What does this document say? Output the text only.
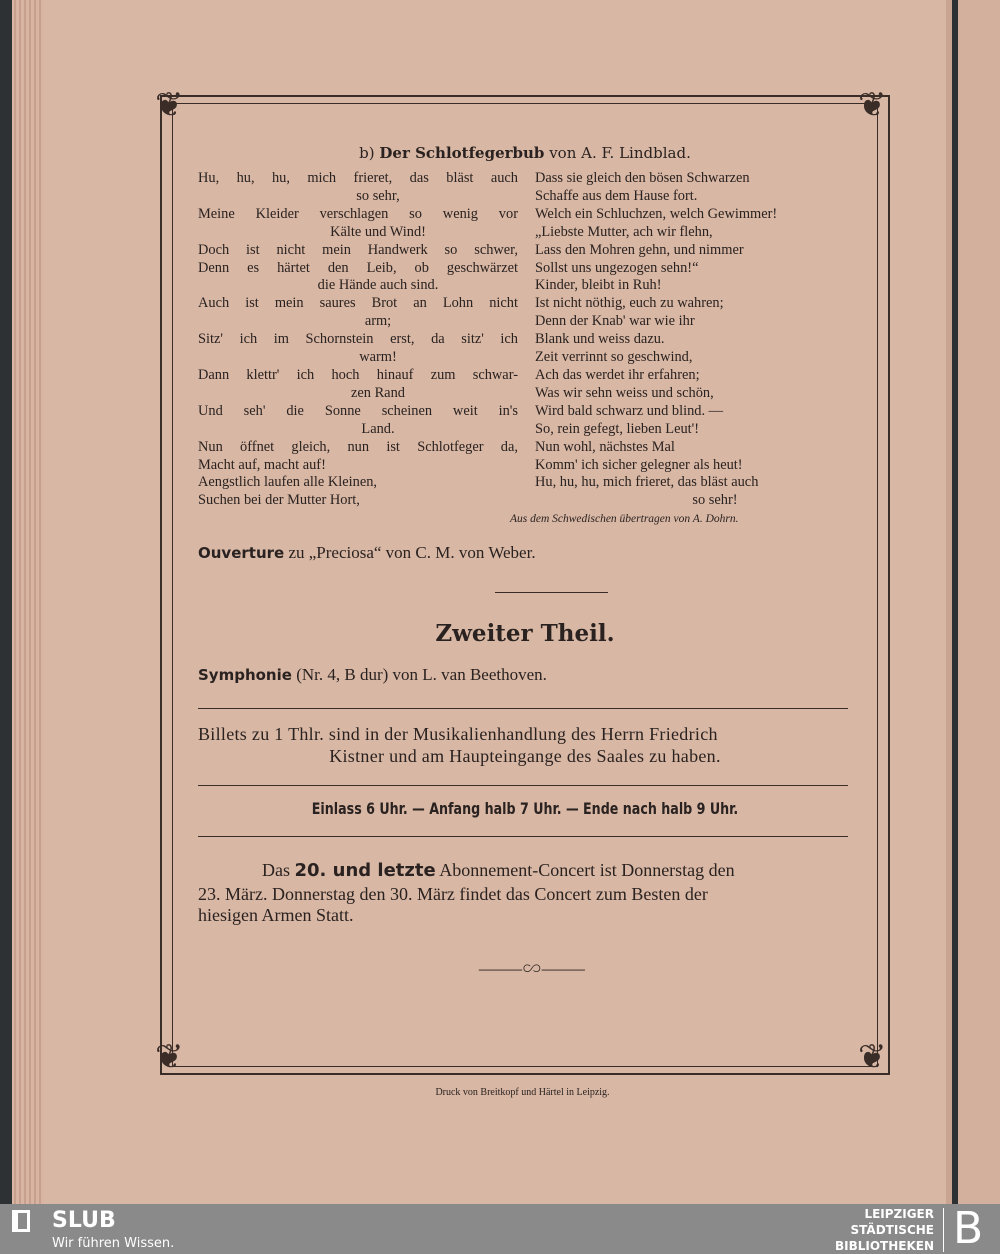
❦	❦
❦	❦
b) Der Schlotfegerbub von A. F. Lindblad.
Hu, hu, hu, mich frieret, das bläst auch
so sehr,
Meine Kleider verschlagen so wenig vor
Kälte und Wind!
Doch ist nicht mein Handwerk so schwer,
Denn es härtet den Leib, ob geschwärzet
die Hände auch sind.
Auch ist mein saures Brot an Lohn nicht
arm;
Sitz' ich im Schornstein erst, da sitz' ich
warm!
Dann klettr' ich hoch hinauf zum schwar-
zen Rand
Und seh' die Sonne scheinen weit in's
Land.
Nun öffnet gleich, nun ist Schlotfeger da,
Macht auf, macht auf!
Aengstlich laufen alle Kleinen,
Suchen bei der Mutter Hort,
Dass sie gleich den bösen Schwarzen
Schaffe aus dem Hause fort.
Welch ein Schluchzen, welch Gewimmer!
„Liebste Mutter, ach wir flehn,
Lass den Mohren gehn, und nimmer
Sollst uns ungezogen sehn!“
Kinder, bleibt in Ruh!
Ist nicht nöthig, euch zu wahren;
Denn der Knab' war wie ihr
Blank und weiss dazu.
Zeit verrinnt so geschwind,
Ach das werdet ihr erfahren;
Was wir sehn weiss und schön,
Wird bald schwarz und blind. —
So, rein gefegt, lieben Leut'!
Nun wohl, nächstes Mal
Komm' ich sicher gelegner als heut!
Hu, hu, hu, mich frieret, das bläst auch
so sehr!
Aus dem Schwedischen übertragen von A. Dohrn.
Ouverture zu „Preciosa“ von C. M. von Weber.
Zweiter Theil.
Symphonie (Nr. 4, B dur) von L. van Beethoven.
Billets zu 1 Thlr. sind in der Musikalienhandlung des Herrn Friedrich
Kistner und am Haupteingange des Saales zu haben.
Einlass 6 Uhr. — Anfang halb 7 Uhr. — Ende nach halb 9 Uhr.
Das 20. und letzte Abonnement-Concert ist Donnerstag den
23. März. Donnerstag den 30. März findet das Concert zum Besten der
hiesigen Armen Statt.
⸻∽⸻
Druck von Breitkopf und Härtel in Leipzig.
SLUB
Wir führen Wissen.
LEIPZIGER
STÄDTISCHE
BIBLIOTHEKEN B
